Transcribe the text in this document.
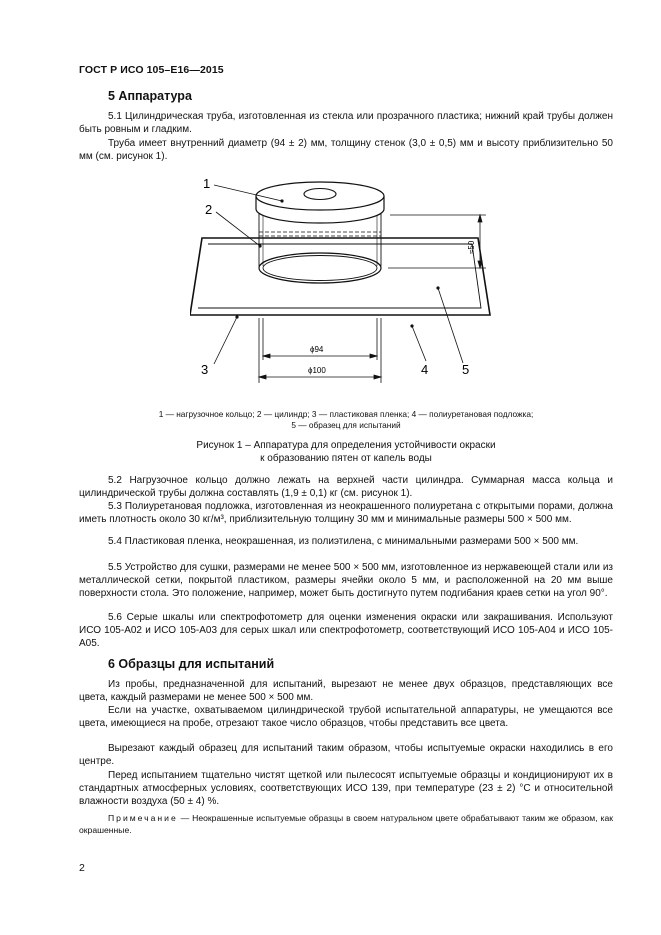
ГОСТ Р ИСО 105–E16—2015
5 Аппаратура

5.1 Цилиндрическая труба, изготовленная из стекла или прозрачного пластика; нижний край трубы должен быть ровным и гладким.

Труба имеет внутренний диаметр (94 ± 2) мм, толщину стенок (3,0 ± 0,5) мм и высоту приблизительно 50 мм (см. рисунок 1).

1
2
3	4	5
ϕ94
ϕ100
≈50

1 — нагрузочное кольцо; 2 — цилиндр; 3 — пластиковая пленка; 4 — полиуретановая подложка;
5 — образец для испытаний

Рисунок 1 – Аппаратура для определения устойчивости окраски
к образованию пятен от капель воды

5.2 Нагрузочное кольцо должно лежать на верхней части цилиндра. Суммарная масса кольца и цилиндрической трубы должна составлять (1,9 ± 0,1) кг (см. рисунок 1).

5.3 Полиуретановая подложка, изготовленная из неокрашенного полиуретана с открытыми порами, должна иметь плотность около 30 кг/м³, приблизительную толщину 30 мм и минимальные размеры 500 × 500 мм.

5.4 Пластиковая пленка, неокрашенная, из полиэтилена, с минимальными размерами 500 × 500 мм.

5.5 Устройство для сушки, размерами не менее 500 × 500 мм, изготовленное из нержавеющей стали или из металлической сетки, покрытой пластиком, размеры ячейки около 5 мм, и расположенной на 20 мм выше поверхности стола. Это положение, например, может быть достигнуто путем подгибания краев сетки на угол 90°.

5.6 Серые шкалы или спектрофотометр для оценки изменения окраски или закрашивания. Используют ИСО 105-A02 и ИСО 105-A03 для серых шкал или спектрофотометр, соответствующий ИСО 105-A04 и ИСО 105-A05.

6 Образцы для испытаний

Из пробы, предназначенной для испытаний, вырезают не менее двух образцов, представляющих все цвета, каждый размерами не менее 500 × 500 мм.

Если на участке, охватываемом цилиндрической трубой испытательной аппаратуры, не умещаются все цвета, имеющиеся на пробе, отрезают такое число образцов, чтобы представить все цвета.

Вырезают каждый образец для испытаний таким образом, чтобы испытуемые окраски находились в его центре.

Перед испытанием тщательно чистят щеткой или пылесосят испытуемые образцы и кондиционируют их в стандартных атмосферных условиях, соответствующих ИСО 139, при температуре (23 ± 2) °С и относительной влажности воздуха (50 ± 4) %.

Примечание — Неокрашенные испытуемые образцы в своем натуральном цвете обрабатывают таким же образом, как окрашенные.

2
